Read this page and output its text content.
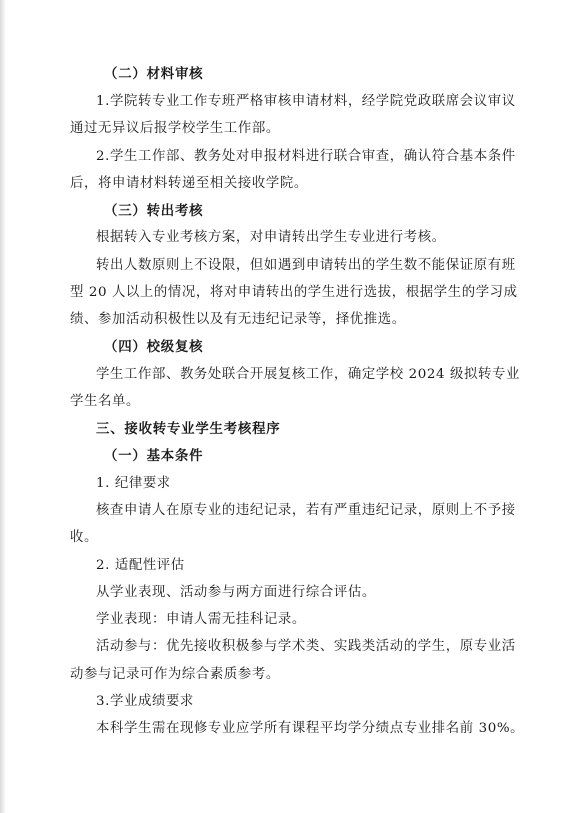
（二）材料审核
1.学院转专业工作专班严格审核申请材料，经学院党政联席会议审议
通过无异议后报学校学生工作部。
2.学生工作部、教务处对申报材料进行联合审查，确认符合基本条件
后，将申请材料转递至相关接收学院。
（三）转出考核
根据转入专业考核方案，对申请转出学生专业进行考核。
转出人数原则上不设限，但如遇到申请转出的学生数不能保证原有班
型 20 人以上的情况，将对申请转出的学生进行选拔，根据学生的学习成
绩、参加活动积极性以及有无违纪记录等，择优推选。
（四）校级复核
学生工作部、教务处联合开展复核工作，确定学校 2024 级拟转专业
学生名单。
三、接收转专业学生考核程序
（一）基本条件
1. 纪律要求
核查申请人在原专业的违纪记录，若有严重违纪记录，原则上不予接
收。
2. 适配性评估
从学业表现、活动参与两方面进行综合评估。
学业表现：申请人需无挂科记录。
活动参与：优先接收积极参与学术类、实践类活动的学生，原专业活
动参与记录可作为综合素质参考。
3.学业成绩要求
本科学生需在现修专业应学所有课程平均学分绩点专业排名前 30%。
